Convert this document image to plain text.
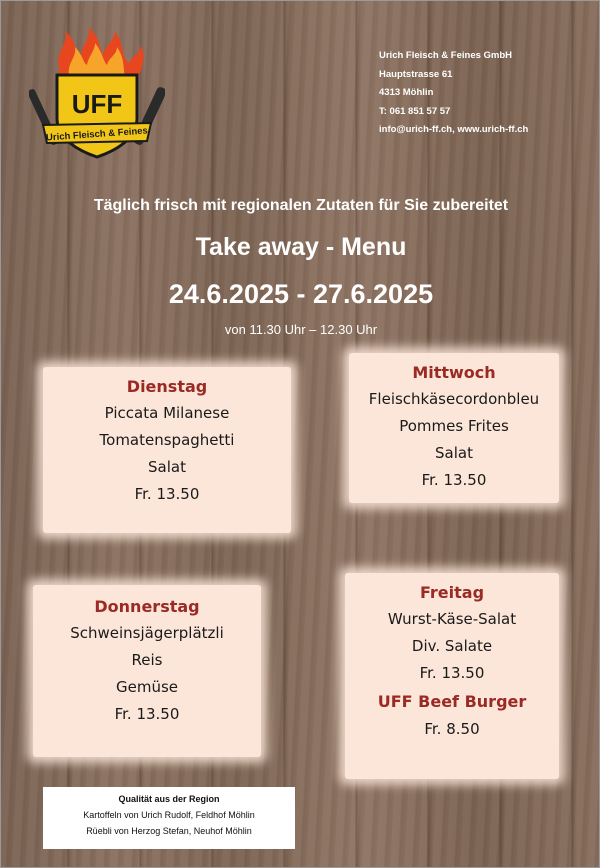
UFF
Urich Fleisch & Feines
Urich Fleisch & Feines GmbH
Hauptstrasse 61
4313 Möhlin
T: 061 851 57 57
info@urich-ff.ch, www.urich-ff.ch
Täglich frisch mit regionalen Zutaten für Sie zubereitet
Take away - Menu
24.6.2025 - 27.6.2025
von 11.30 Uhr – 12.30 Uhr
Dienstag
Piccata Milanese
Tomatenspaghetti
Salat
Fr. 13.50
Mittwoch
Fleischkäsecordonbleu
Pommes Frites
Salat
Fr. 13.50
Donnerstag
Schweinsjägerplätzli
Reis
Gemüse
Fr. 13.50
Freitag
Wurst-Käse-Salat
Div. Salate
Fr. 13.50
UFF Beef Burger
Fr. 8.50
Qualität aus der Region
Kartoffeln von Urich Rudolf, Feldhof Möhlin
Rüebli von Herzog Stefan, Neuhof Möhlin
